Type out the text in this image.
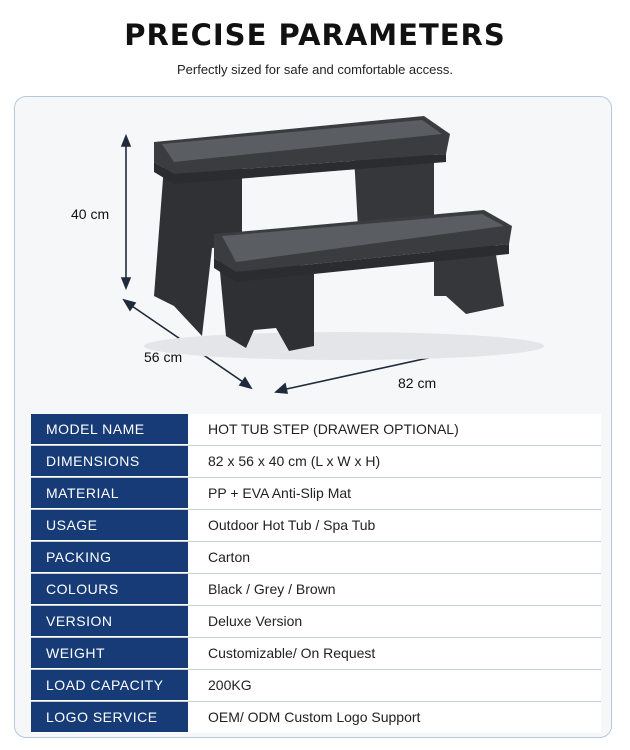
PRECISE PARAMETERS
Perfectly sized for safe and comfortable access.
40 cm
56 cm
82 cm
MODEL NAME	HOT TUB STEP (DRAWER OPTIONAL)
DIMENSIONS	82 x 56 x 40 cm (L x W x H)
MATERIAL	PP + EVA Anti-Slip Mat
USAGE	Outdoor Hot Tub / Spa Tub
PACKING	Carton
COLOURS	Black / Grey / Brown
VERSION	Deluxe Version
WEIGHT	Customizable/ On Request
LOAD CAPACITY	200KG
LOGO SERVICE	OEM/ ODM Custom Logo Support
